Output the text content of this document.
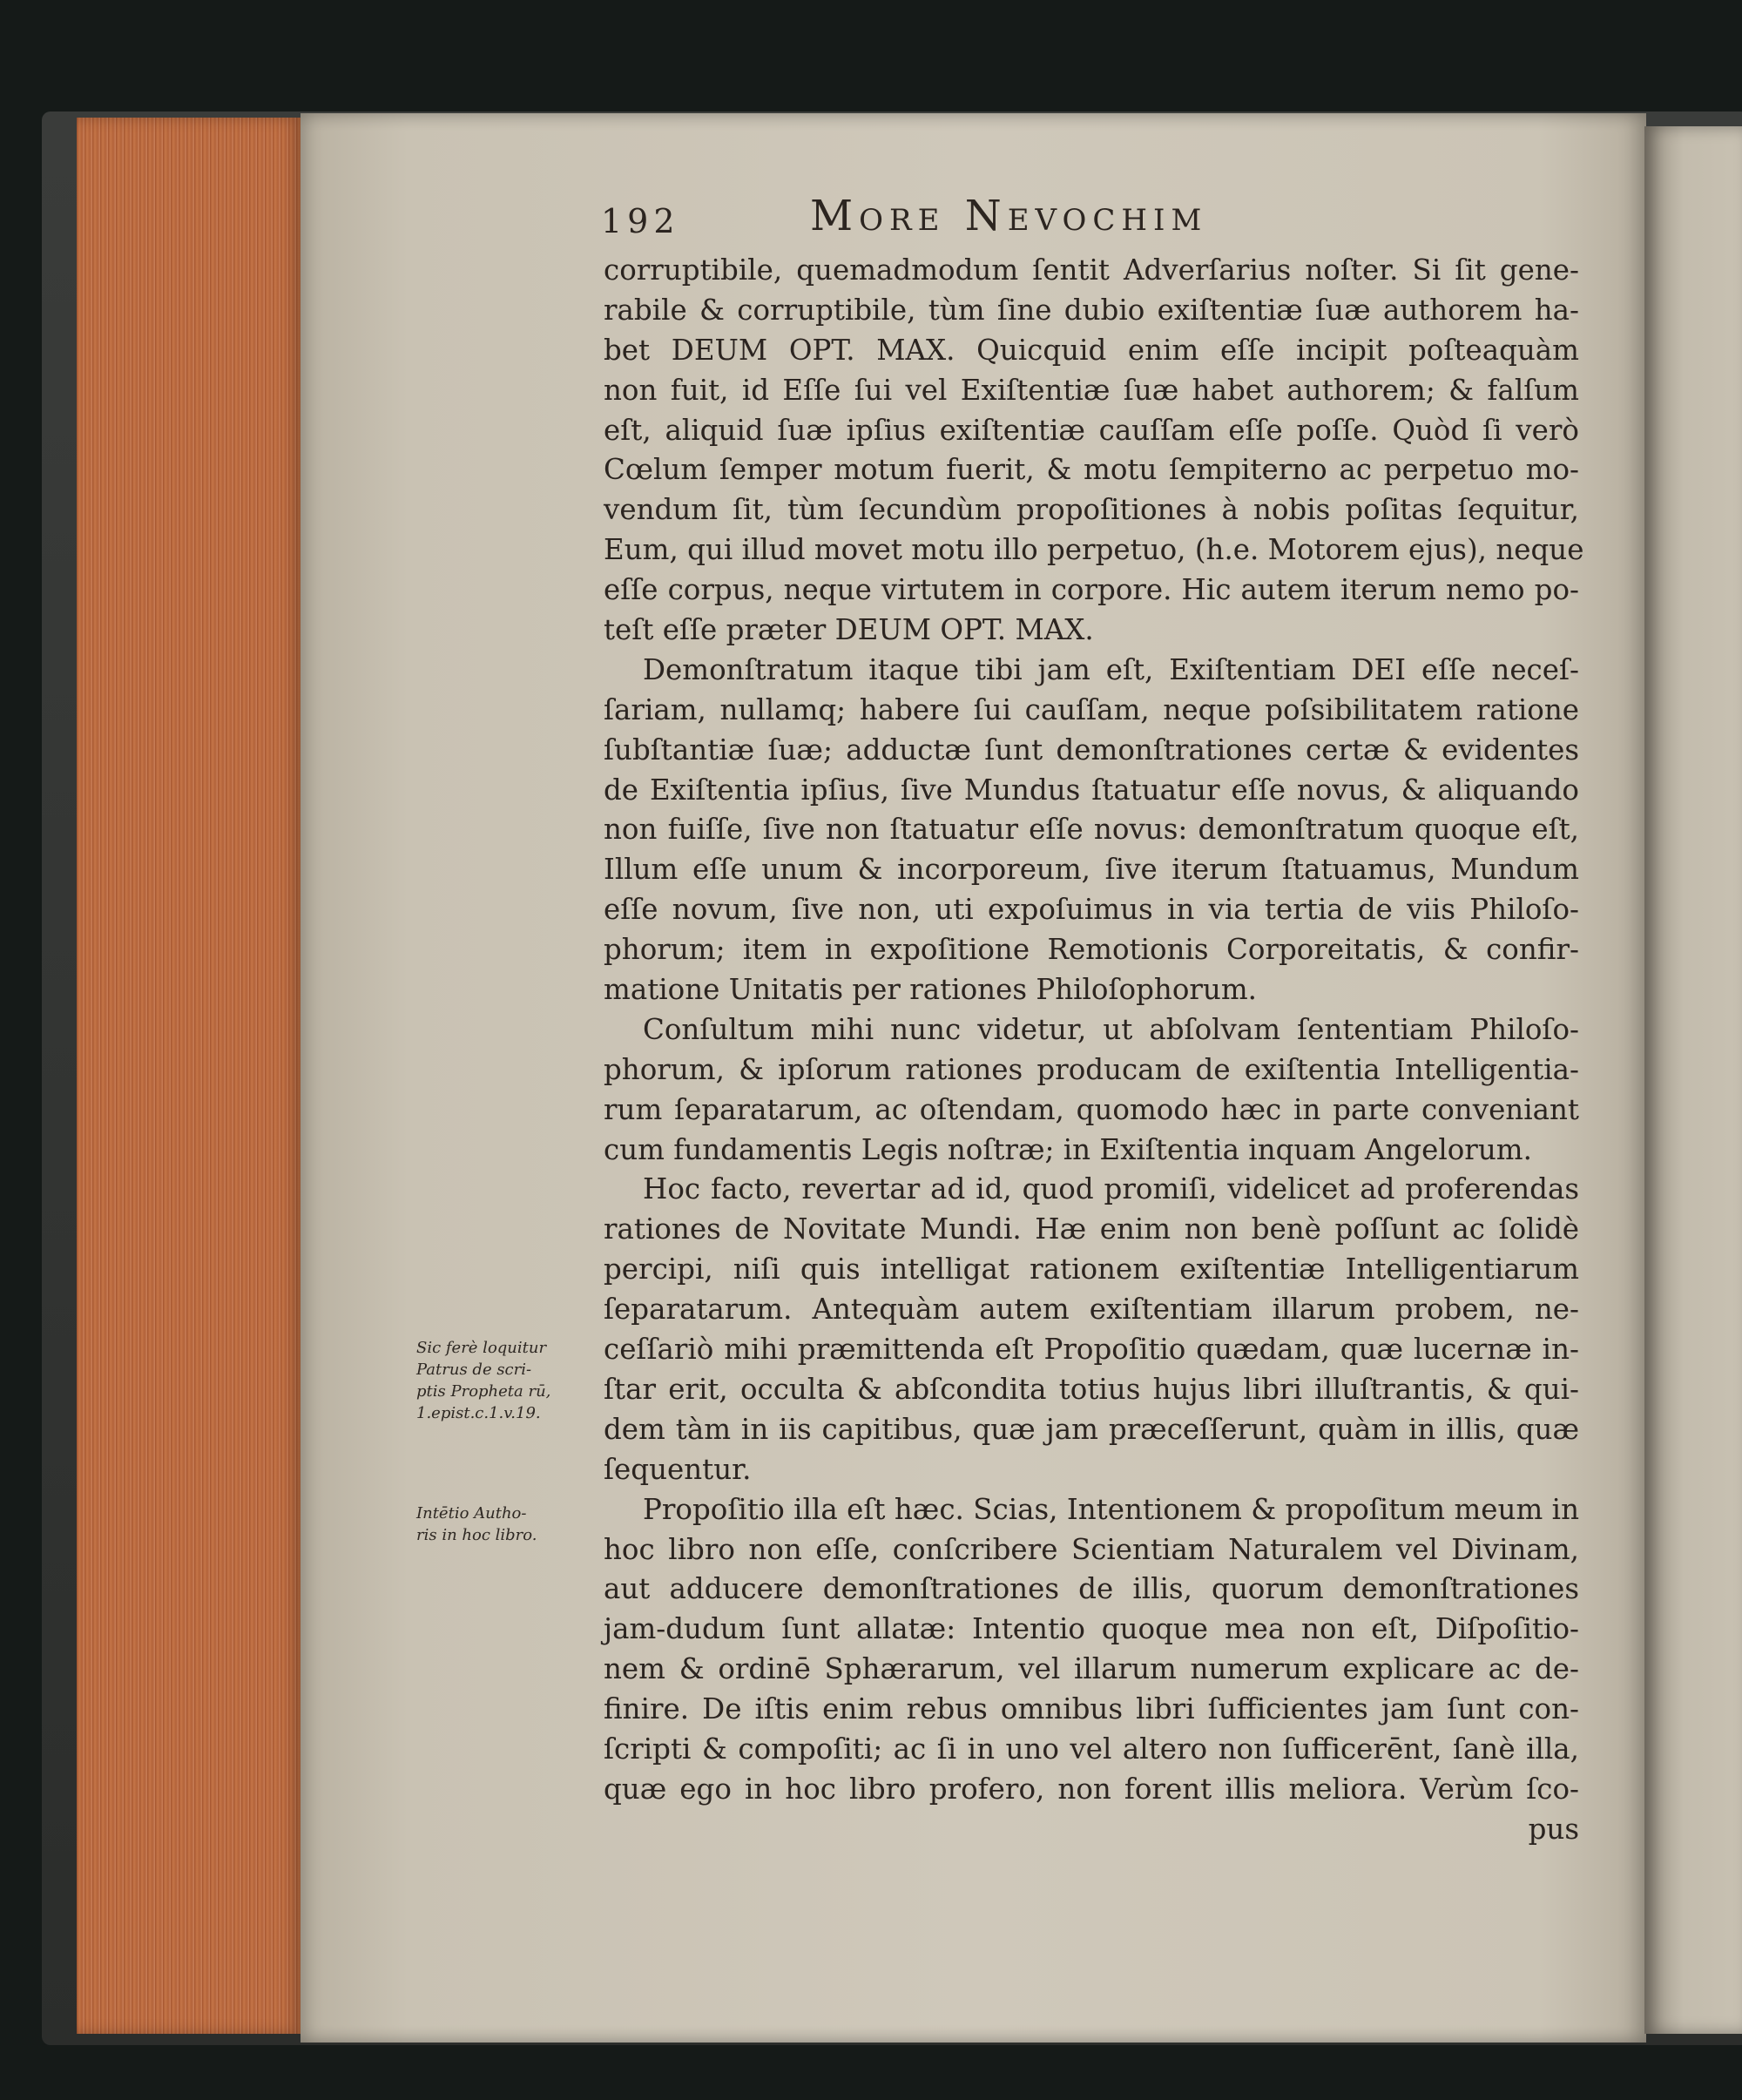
192	More Nevochim
Sic ferè loquitur
Patrus de scri-
ptis Propheta rū,
1.epist.c.1.v.19.
Intētio Autho-
ris in hoc libro.
corruptibile, quemadmodum ſentit Adverſarius noſter. Si ſit gene-
rabile & corruptibile, tùm ſine dubio exiſtentiæ ſuæ authorem ha-
bet DEUM OPT. MAX. Quicquid enim eſſe incipit poſteaquàm
non fuit, id Eſſe ſui vel Exiſtentiæ ſuæ habet authorem; & falſum
eſt, aliquid ſuæ ipſius exiſtentiæ cauſſam eſſe poſſe. Quòd ſi verò
Cœlum ſemper motum fuerit, & motu ſempiterno ac perpetuo mo-
vendum ſit, tùm ſecundùm propoſitiones à nobis poſitas ſequitur,
Eum, qui illud movet motu illo perpetuo, (h.e. Motorem ejus), neque
eſſe corpus, neque virtutem in corpore. Hic autem iterum nemo po-
teſt eſſe præter DEUM OPT. MAX.
Demonſtratum itaque tibi jam eſt, Exiſtentiam DEI eſſe neceſ-
ſariam, nullamq; habere ſui cauſſam, neque poſsibilitatem ratione
ſubſtantiæ ſuæ; adductæ ſunt demonſtrationes certæ & evidentes
de Exiſtentia ipſius, ſive Mundus ſtatuatur eſſe novus, & aliquando
non fuiſſe, ſive non ſtatuatur eſſe novus: demonſtratum quoque eſt,
Illum eſſe unum & incorporeum, ſive iterum ſtatuamus, Mundum
eſſe novum, ſive non, uti expoſuimus in via tertia de viis Philoſo-
phorum; item in expoſitione Remotionis Corporeitatis, & confir-
matione Unitatis per rationes Philoſophorum.
Conſultum mihi nunc videtur, ut abſolvam ſententiam Philoſo-
phorum, & ipſorum rationes producam de exiſtentia Intelligentia-
rum ſeparatarum, ac oſtendam, quomodo hæc in parte conveniant
cum fundamentis Legis noſtræ; in Exiſtentia inquam Angelorum.
Hoc facto, revertar ad id, quod promiſi, videlicet ad proferendas
rationes de Novitate Mundi. Hæ enim non benè poſſunt ac ſolidè
percipi, niſi quis intelligat rationem exiſtentiæ Intelligentiarum
ſeparatarum. Antequàm autem exiſtentiam illarum probem, ne-
ceſſariò mihi præmittenda eſt Propoſitio quædam, quæ lucernæ in-
ſtar erit, occulta & abſcondita totius hujus libri illuſtrantis, & qui-
dem tàm in iis capitibus, quæ jam præceſſerunt, quàm in illis, quæ
ſequentur.
Propoſitio illa eſt hæc. Scias, Intentionem & propoſitum meum in
hoc libro non eſſe, conſcribere Scientiam Naturalem vel Divinam,
aut adducere demonſtrationes de illis, quorum demonſtrationes
jam-dudum ſunt allatæ: Intentio quoque mea non eſt, Diſpoſitio-
nem & ordinē Sphærarum, vel illarum numerum explicare ac de-
finire. De iſtis enim rebus omnibus libri ſufficientes jam ſunt con-
ſcripti & compoſiti; ac ſi in uno vel altero non ſufficerēnt, ſanè illa,
quæ ego in hoc libro profero, non forent illis meliora. Verùm ſco-
pus
